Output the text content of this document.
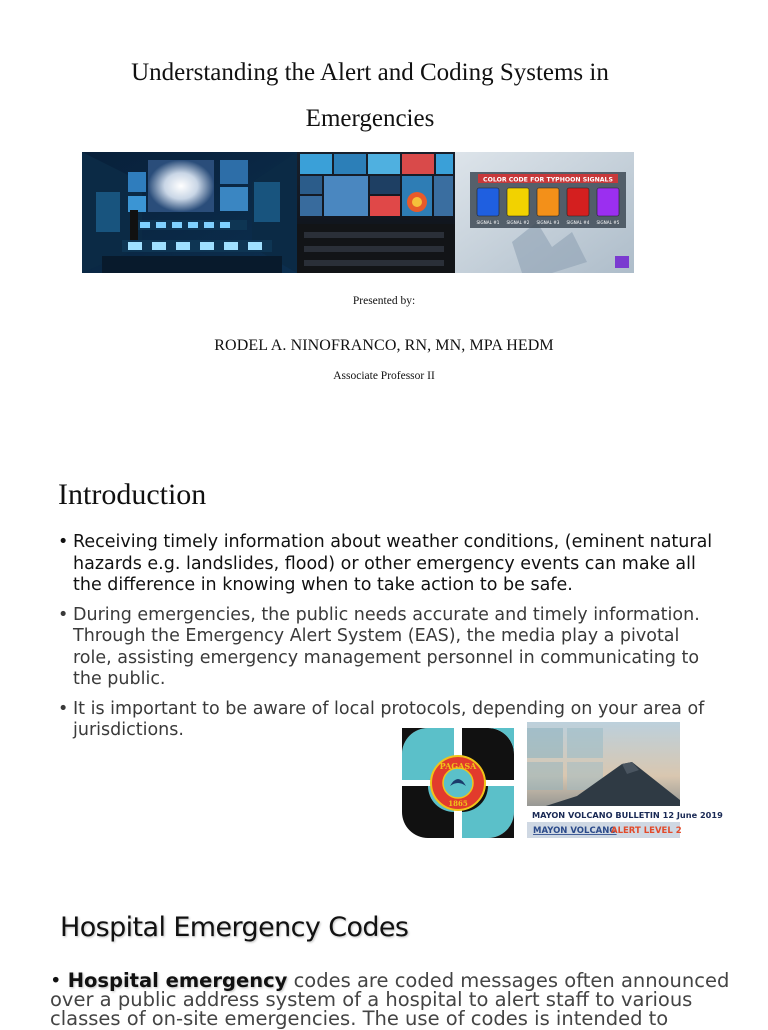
Understanding the Alert and Coding Systems in
Emergencies
COLOR CODE FOR TYPHOON SIGNALS
SIGNAL #1 SIGNAL #2 SIGNAL #3 SIGNAL #4 SIGNAL #5
Presented by:
RODEL A. NINOFRANCO, RN, MN, MPA HEDM
Associate Professor II
Introduction
• Receiving timely information about weather conditions, (eminent natural hazards e.g. landslides, flood) or other emergency events can make all the difference in knowing when to take action to be safe.
• During emergencies, the public needs accurate and timely information. Through the Emergency Alert System (EAS), the media play a pivotal role, assisting emergency management personnel in communicating to the public.
• It is important to be aware of local protocols, depending on your area of jurisdictions.
PAGASA
1865
MAYON VOLCANO BULLETIN 12 June 2019
MAYON VOLCANO
ALERT LEVEL 2
Hospital Emergency Codes
• Hospital emergency codes are coded messages often announced over a public address system of a hospital to alert staff to various classes of on-site emergencies. The use of codes is intended to
